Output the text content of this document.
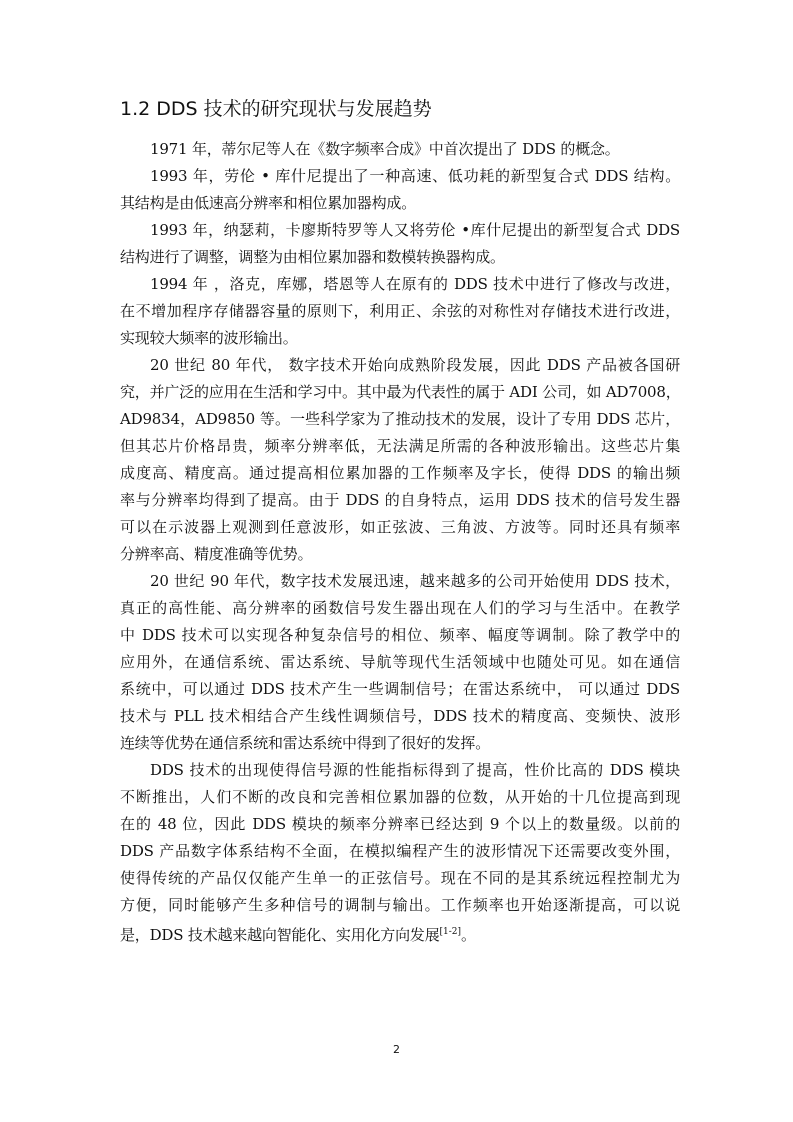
1.2 DDS 技术的研究现状与发展趋势
1971 年，蒂尔尼等人在《数字频率合成》中首次提出了 DDS 的概念。
1993 年，劳伦 • 库什尼提出了一种高速、低功耗的新型复合式 DDS 结构。
其结构是由低速高分辨率和相位累加器构成。
1993 年，纳瑟莉，卡廖斯特罗等人又将劳伦 •库什尼提出的新型复合式 DDS
结构进行了调整，调整为由相位累加器和数模转换器构成。
1994 年 ，洛克，库娜，塔恩等人在原有的 DDS 技术中进行了修改与改进，
在不增加程序存储器容量的原则下，利用正、余弦的对称性对存储技术进行改进，
实现较大频率的波形输出。
20 世纪 80 年代， 数字技术开始向成熟阶段发展，因此 DDS 产品被各国研
究，并广泛的应用在生活和学习中。其中最为代表性的属于 ADI 公司，如 AD7008，
AD9834，AD9850 等。一些科学家为了推动技术的发展，设计了专用 DDS 芯片，
但其芯片价格昂贵，频率分辨率低，无法满足所需的各种波形输出。这些芯片集
成度高、精度高。通过提高相位累加器的工作频率及字长，使得 DDS 的输出频
率与分辨率均得到了提高。由于 DDS 的自身特点，运用 DDS 技术的信号发生器
可以在示波器上观测到任意波形，如正弦波、三角波、方波等。同时还具有频率
分辨率高、精度准确等优势。
20 世纪 90 年代，数字技术发展迅速，越来越多的公司开始使用 DDS 技术，
真正的高性能、高分辨率的函数信号发生器出现在人们的学习与生活中。在教学
中 DDS 技术可以实现各种复杂信号的相位、频率、幅度等调制。除了教学中的
应用外，在通信系统、雷达系统、导航等现代生活领域中也随处可见。如在通信
系统中，可以通过 DDS 技术产生一些调制信号；在雷达系统中， 可以通过 DDS
技术与 PLL 技术相结合产生线性调频信号，DDS 技术的精度高、变频快、波形
连续等优势在通信系统和雷达系统中得到了很好的发挥。
DDS 技术的出现使得信号源的性能指标得到了提高，性价比高的 DDS 模块
不断推出，人们不断的改良和完善相位累加器的位数，从开始的十几位提高到现
在的 48 位，因此 DDS 模块的频率分辨率已经达到 9 个以上的数量级。以前的
DDS 产品数字体系结构不全面，在模拟编程产生的波形情况下还需要改变外围，
使得传统的产品仅仅能产生单一的正弦信号。现在不同的是其系统远程控制尤为
方便，同时能够产生多种信号的调制与输出。工作频率也开始逐渐提高，可以说
是，DDS 技术越来越向智能化、实用化方向发展[1-2]。
2
